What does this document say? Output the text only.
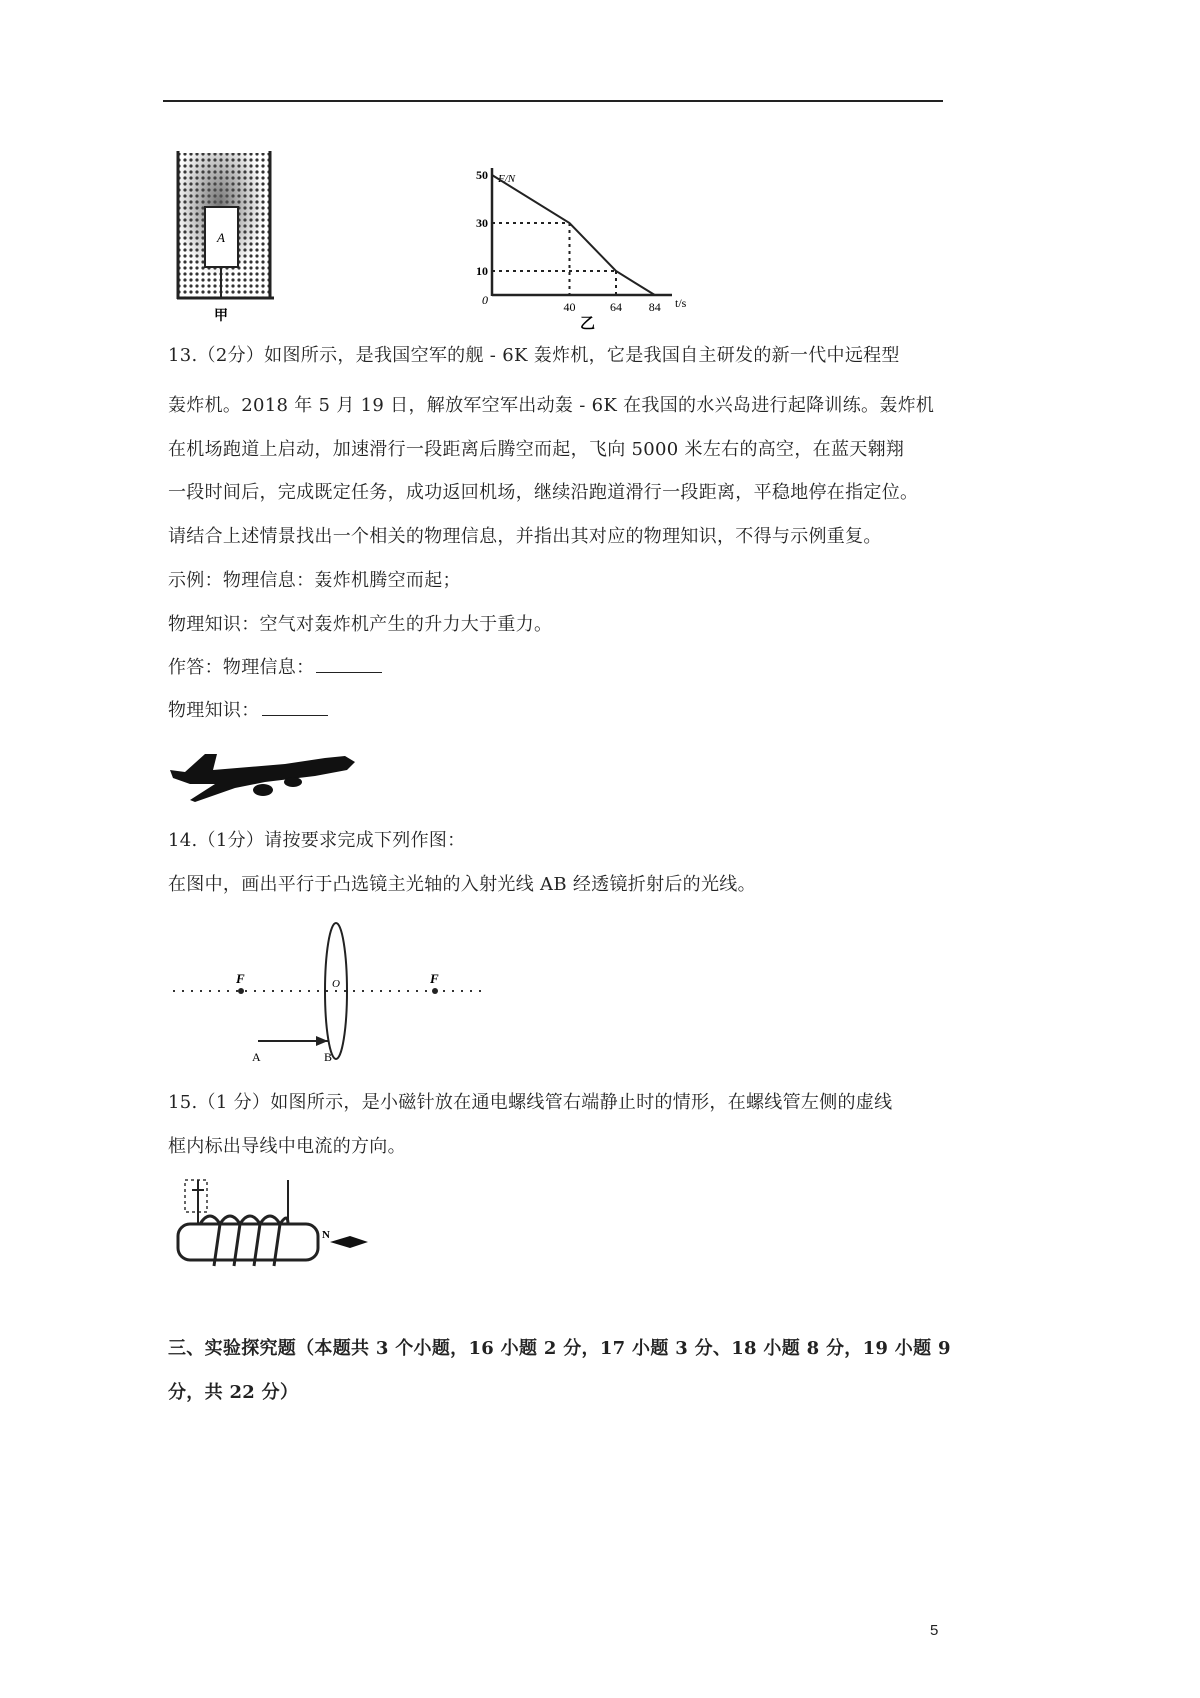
A
甲
F/N
t/s
0
50
30
10
40	64 84
乙
13.（2分）如图所示，是我国空军的舰 - 6K 轰炸机，它是我国自主研发的新一代中远程型
轰炸机。2018 年 5 月 19 日，解放军空军出动轰 - 6K 在我国的水兴岛进行起降训练。轰炸机
在机场跑道上启动，加速滑行一段距离后腾空而起，飞向 5000 米左右的高空，在蓝天翱翔
一段时间后，完成既定任务，成功返回机场，继续沿跑道滑行一段距离，平稳地停在指定位。
请结合上述情景找出一个相关的物理信息，并指出其对应的物理知识，不得与示例重复。
示例：物理信息：轰炸机腾空而起；
物理知识：空气对轰炸机产生的升力大于重力。
作答：物理信息：
物理知识：
14.（1分）请按要求完成下列作图：
在图中，画出平行于凸选镜主光轴的入射光线 AB 经透镜折射后的光线。
F	F
O
A	B
15.（1 分）如图所示，是小磁针放在通电螺线管右端静止时的情形，在螺线管左侧的虚线
框内标出导线中电流的方向。
N
三、实验探究题（本题共 3 个小题，16 小题 2 分，17 小题 3 分、18 小题 8 分，19 小题 9
分，共 22 分）
5
